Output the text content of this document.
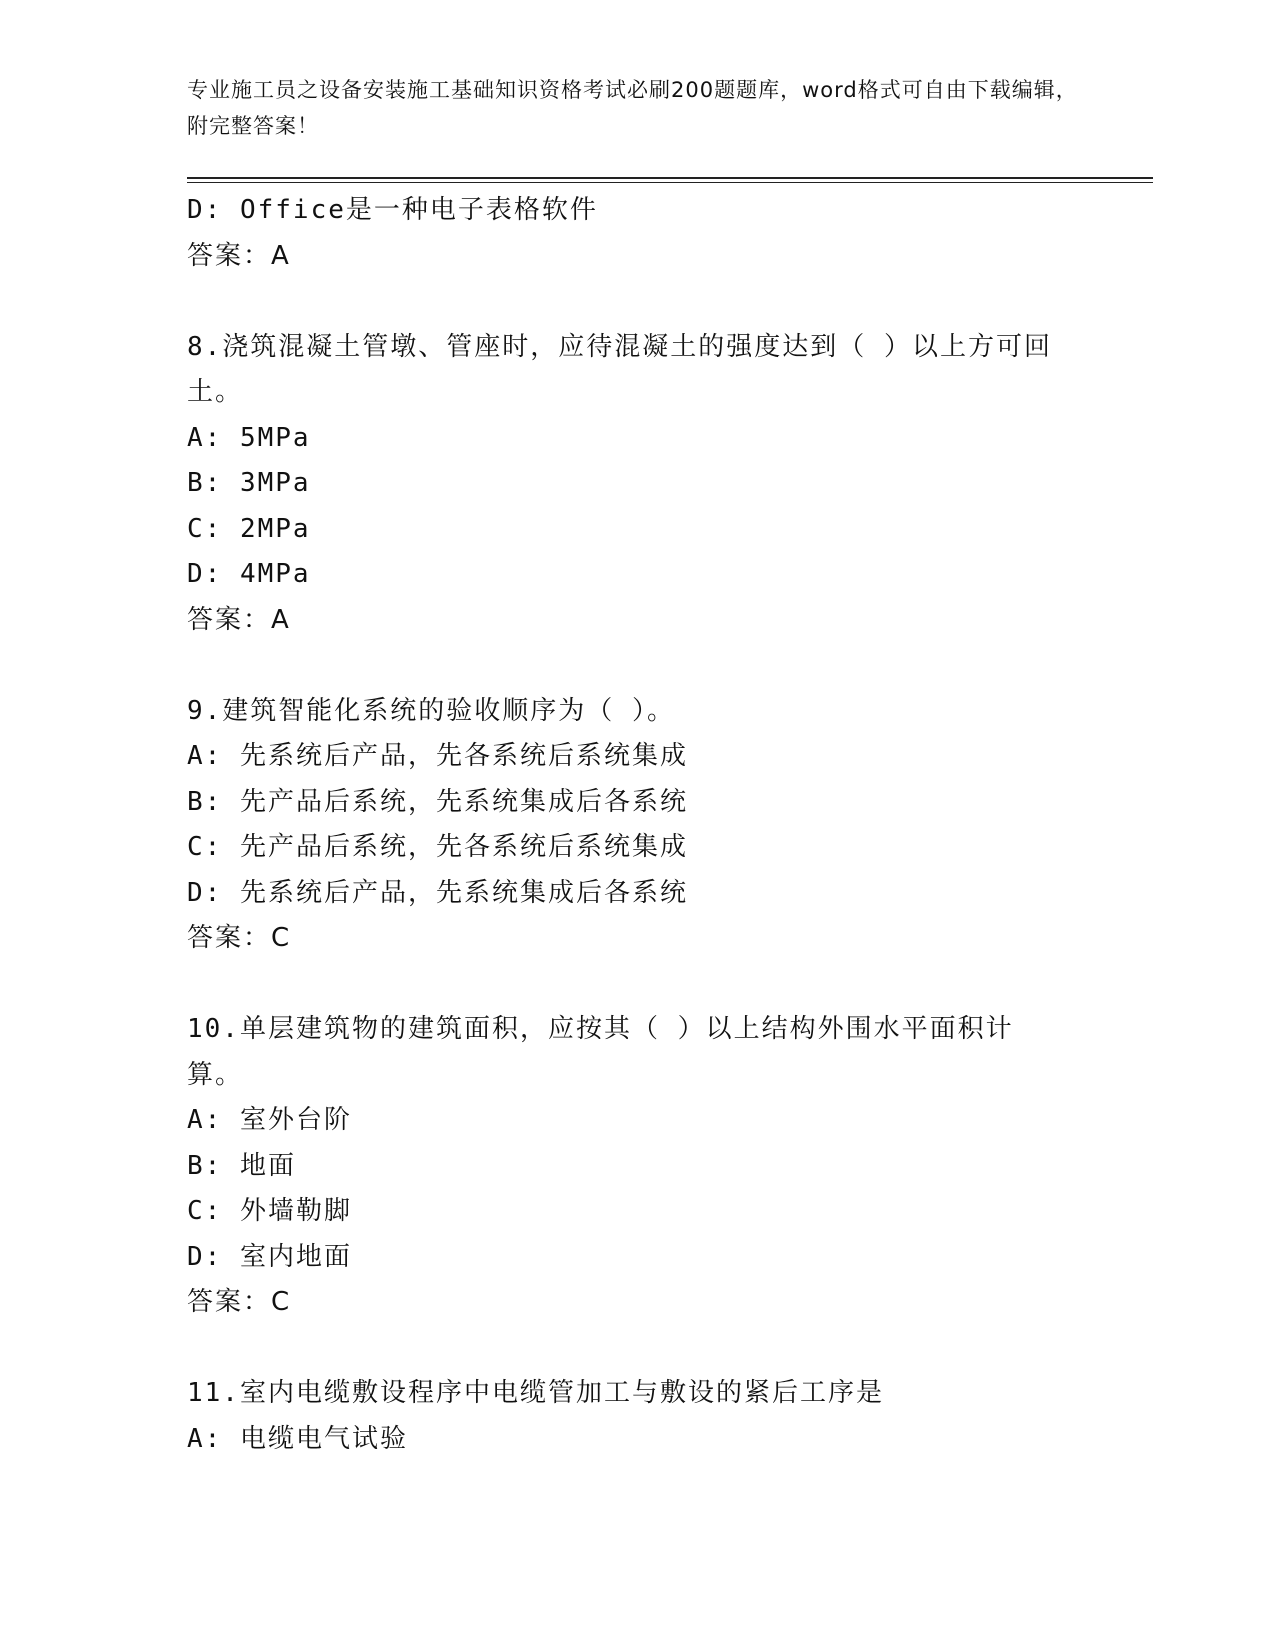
专业施工员之设备安装施工基础知识资格考试必刷200题题库，word格式可自由下载编辑，附完整答案！
D: Office是一种电子表格软件
答案：A
8.浇筑混凝土管墩、管座时，应待混凝土的强度达到（ ）以上方可回土。
A: 5MPa
B: 3MPa
C: 2MPa
D: 4MPa
答案：A
9.建筑智能化系统的验收顺序为（ ）。
A: 先系统后产品，先各系统后系统集成
B: 先产品后系统，先系统集成后各系统
C: 先产品后系统，先各系统后系统集成
D: 先系统后产品，先系统集成后各系统
答案：C
10.单层建筑物的建筑面积，应按其（ ）以上结构外围水平面积计算。
A: 室外台阶
B: 地面
C: 外墙勒脚
D: 室内地面
答案：C
11.室内电缆敷设程序中电缆管加工与敷设的紧后工序是
A: 电缆电气试验
